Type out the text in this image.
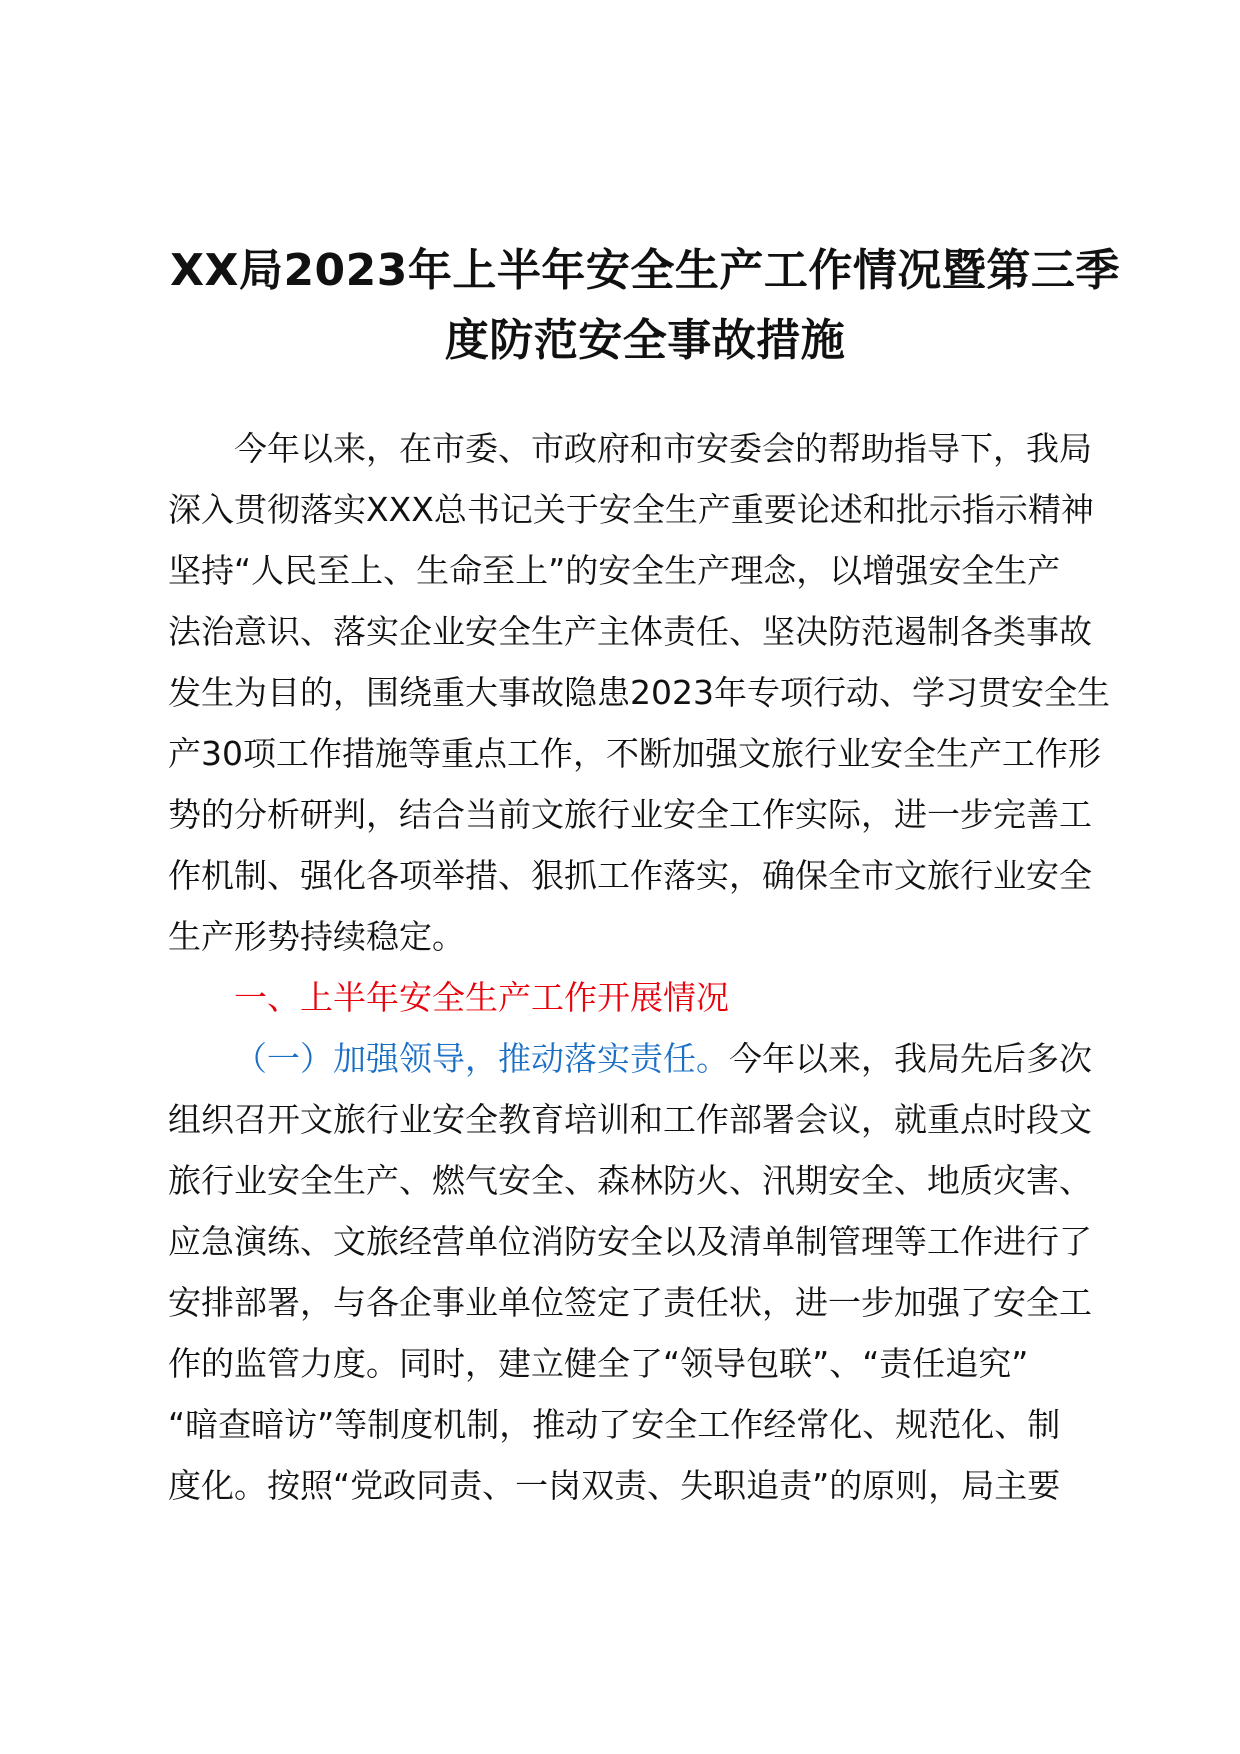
XX局2023年上半年安全生产工作情况暨第三季
度防范安全事故措施
今年以来，在市委、市政府和市安委会的帮助指导下，我局
深入贯彻落实XXX总书记关于安全生产重要论述和批示指示精神
坚持“人民至上、生命至上”的安全生产理念，以增强安全生产
法治意识、落实企业安全生产主体责任、坚决防范遏制各类事故
发生为目的，围绕重大事故隐患2023年专项行动、学习贯安全生
产30项工作措施等重点工作，不断加强文旅行业安全生产工作形
势的分析研判，结合当前文旅行业安全工作实际，进一步完善工
作机制、强化各项举措、狠抓工作落实，确保全市文旅行业安全
生产形势持续稳定。
一、上半年安全生产工作开展情况
（一）加强领导，推动落实责任。今年以来，我局先后多次
组织召开文旅行业安全教育培训和工作部署会议，就重点时段文
旅行业安全生产、燃气安全、森林防火、汛期安全、地质灾害、
应急演练、文旅经营单位消防安全以及清单制管理等工作进行了
安排部署，与各企事业单位签定了责任状，进一步加强了安全工
作的监管力度。同时，建立健全了“领导包联”、“责任追究”
“暗查暗访”等制度机制，推动了安全工作经常化、规范化、制
度化。按照“党政同责、一岗双责、失职追责”的原则，局主要
